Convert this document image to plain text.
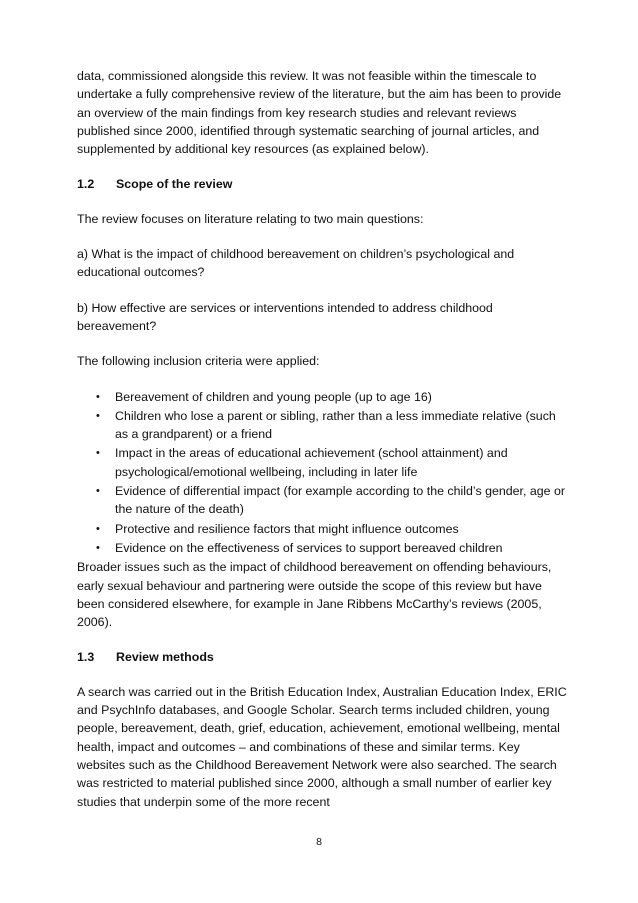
data, commissioned alongside this review. It was not feasible within the timescale to undertake a fully comprehensive review of the literature, but the aim has been to provide an overview of the main findings from key research studies and relevant reviews published since 2000, identified through systematic searching of journal articles, and supplemented by additional key resources (as explained below).

1.2 Scope of the review

The review focuses on literature relating to two main questions:

a) What is the impact of childhood bereavement on children’s psychological and educational outcomes?

b) How effective are services or interventions intended to address childhood bereavement?

The following inclusion criteria were applied:

• Bereavement of children and young people (up to age 16)
• Children who lose a parent or sibling, rather than a less immediate relative (such as a grandparent) or a friend
• Impact in the areas of educational achievement (school attainment) and psychological/emotional wellbeing, including in later life
• Evidence of differential impact (for example according to the child’s gender, age or the nature of the death)
• Protective and resilience factors that might influence outcomes
• Evidence on the effectiveness of services to support bereaved children

Broader issues such as the impact of childhood bereavement on offending behaviours, early sexual behaviour and partnering were outside the scope of this review but have been considered elsewhere, for example in Jane Ribbens McCarthy’s reviews (2005, 2006).

1.3 Review methods

A search was carried out in the British Education Index, Australian Education Index, ERIC and PsychInfo databases, and Google Scholar. Search terms included children, young people, bereavement, death, grief, education, achievement, emotional wellbeing, mental health, impact and outcomes – and combinations of these and similar terms. Key websites such as the Childhood Bereavement Network were also searched. The search was restricted to material published since 2000, although a small number of earlier key studies that underpin some of the more recent

8
